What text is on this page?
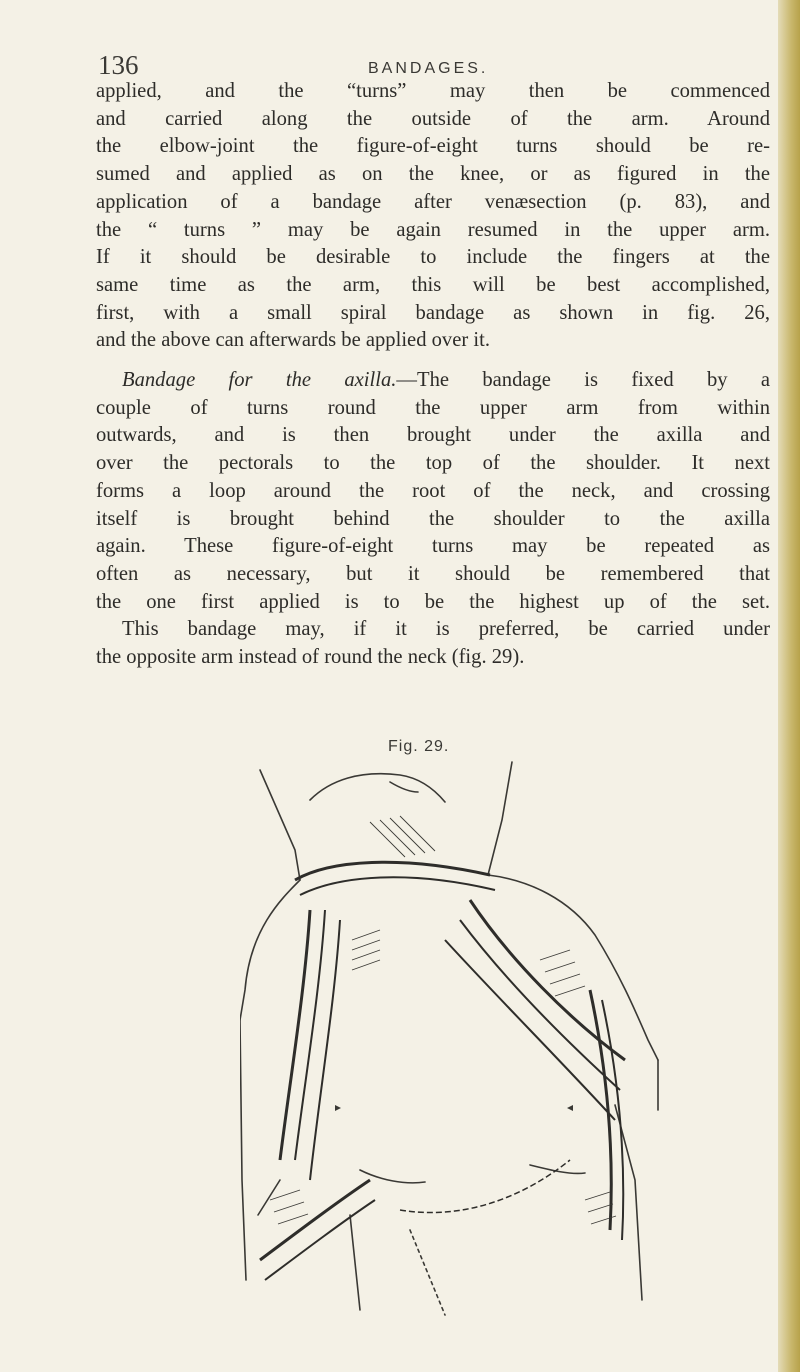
136	BANDAGES.
applied, and the “turns” may then be commenced
and carried along the outside of the arm. Around
the elbow-joint the figure-of-eight turns should be re-
sumed and applied as on the knee, or as figured in the
application of a bandage after venæsection (p. 83), and
the “ turns ” may be again resumed in the upper arm.
If it should be desirable to include the fingers at the
same time as the arm, this will be best accomplished,
first, with a small spiral bandage as shown in fig. 26,
and the above can afterwards be applied over it.
Bandage for the axilla.—The bandage is fixed by a
couple of turns round the upper arm from within
outwards, and is then brought under the axilla and
over the pectorals to the top of the shoulder. It next
forms a loop around the root of the neck, and crossing
itself is brought behind the shoulder to the axilla
again. These figure-of-eight turns may be repeated as
often as necessary, but it should be remembered that
the one first applied is to be the highest up of the set.
This bandage may, if it is preferred, be carried under
the opposite arm instead of round the neck (fig. 29).
Fig. 29.
